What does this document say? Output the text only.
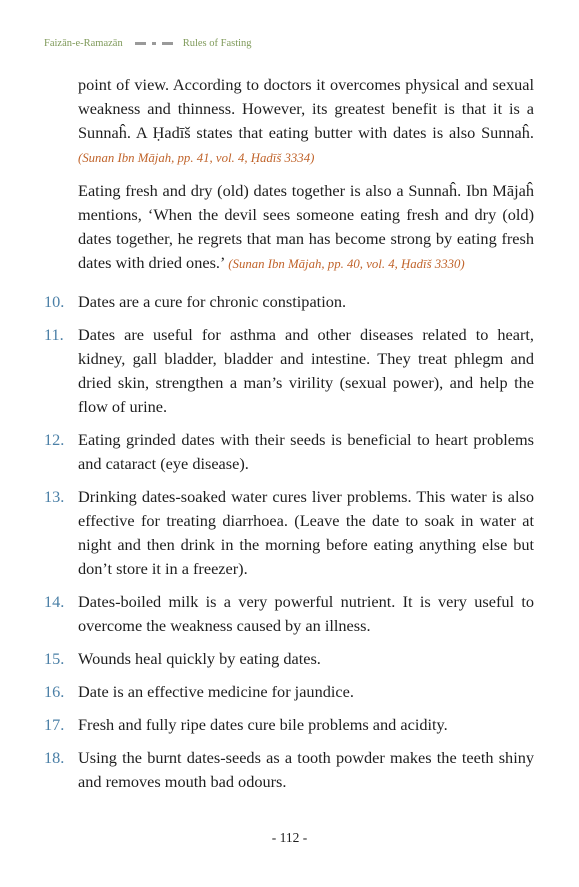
Faizān-e-Ramazān	Rules of Fasting

point of view. According to doctors it overcomes physical and sexual weakness and thinness. However, its greatest benefit is that it is a Sunnaĥ. A Ḥadīš states that eating butter with dates is also Sunnaĥ. (Sunan Ibn Mājah, pp. 41, vol. 4, Ḥadīš 3334)

Eating fresh and dry (old) dates together is also a Sunnaĥ. Ibn Mājaĥ mentions, ‘When the devil sees someone eating fresh and dry (old) dates together, he regrets that man has become strong by eating fresh dates with dried ones.’ (Sunan Ibn Mājah, pp. 40, vol. 4, Ḥadīš 3330)

10. Dates are a cure for chronic constipation.
11. Dates are useful for asthma and other diseases related to heart, kidney, gall bladder, bladder and intestine. They treat phlegm and dried skin, strengthen a man’s virility (sexual power), and help the flow of urine.
12. Eating grinded dates with their seeds is beneficial to heart problems and cataract (eye disease).
13. Drinking dates-soaked water cures liver problems. This water is also effective for treating diarrhoea. (Leave the date to soak in water at night and then drink in the morning before eating anything else but don’t store it in a freezer).
14. Dates-boiled milk is a very powerful nutrient. It is very useful to overcome the weakness caused by an illness.
15. Wounds heal quickly by eating dates.
16. Date is an effective medicine for jaundice.
17. Fresh and fully ripe dates cure bile problems and acidity.
18. Using the burnt dates-seeds as a tooth powder makes the teeth shiny and removes mouth bad odours.
- 112 -
